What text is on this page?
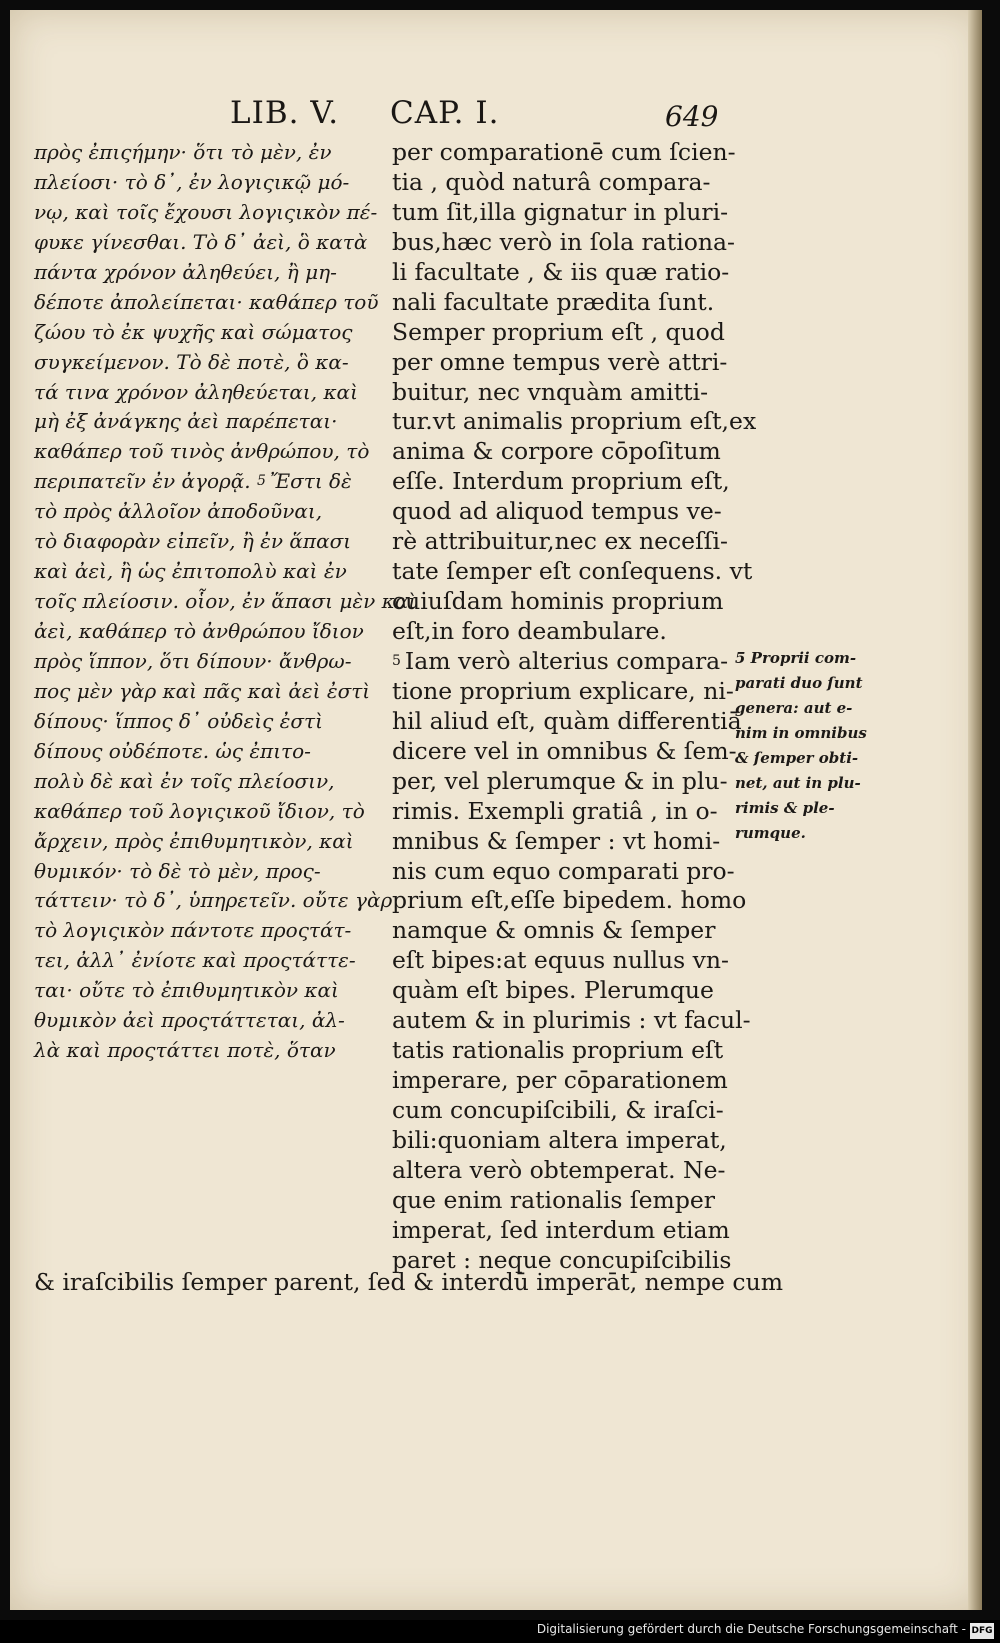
LIB. V. CAP. I.	649
πρὸς ἐπιςήμην· ὅτι τὸ μὲν, ἐν
πλείοσι· τὸ δ᾽, ἐν λογιςικῷ μό-
νῳ, καὶ τοῖς ἔχουσι λογιςικὸν πέ-
φυκε γίνεσθαι. Τὸ δ᾽ ἀεὶ, ὃ κατὰ
πάντα χρόνον ἀληθεύει, ἢ μη-
δέποτε ἀπολείπεται· καθάπερ τοῦ
ζώου τὸ ἐκ ψυχῆς καὶ σώματος
συγκείμενον. Τὸ δὲ ποτὲ, ὃ κα-
τά τινα χρόνον ἀληθεύεται, καὶ
μὴ ἐξ ἀνάγκης ἀεὶ παρέπεται·
καθάπερ τοῦ τινὸς ἀνθρώπου, τὸ
περιπατεῖν ἐν ἀγορᾷ. 5 Ἔστι δὲ
τὸ πρὸς ἀλλοῖον ἀποδοῦναι,
τὸ διαφορὰν εἰπεῖν, ἢ ἐν ἅπασι
καὶ ἀεὶ, ἢ ὡς ἐπιτοπολὺ καὶ ἐν
τοῖς πλείοσιν. οἷον, ἐν ἅπασι μὲν καὶ
ἀεὶ, καθάπερ τὸ ἀνθρώπου ἴδιον
πρὸς ἵππον, ὅτι δίπουν· ἄνθρω-
πος μὲν γὰρ καὶ πᾶς καὶ ἀεὶ ἐστὶ
δίπους· ἵππος δ᾽ οὐδεὶς ἐστὶ
δίπους οὐδέποτε. ὡς ἐπιτο-
πολὺ δὲ καὶ ἐν τοῖς πλείοσιν,
καθάπερ τοῦ λογιςικοῦ ἴδιον, τὸ
ἄρχειν, πρὸς ἐπιθυμητικὸν, καὶ
θυμικόν· τὸ δὲ τὸ μὲν, προς-
τάττειν· τὸ δ᾽, ὑπηρετεῖν. οὔτε γὰρ
τὸ λογιςικὸν πάντοτε προςτάτ-
τει, ἀλλ᾽ ἐνίοτε καὶ προςτάττε-
ται· οὔτε τὸ ἐπιθυμητικὸν καὶ
θυμικὸν ἀεὶ προςτάττεται, ἀλ-
λὰ καὶ προςτάττει ποτὲ, ὅταν
per comparationē cum ſcien-
tia , quòd naturâ compara-
tum ſit,illa gignatur in pluri-
bus,hæc verò in ſola rationa-
li facultate , & iis quæ ratio-
nali facultate prædita ſunt.
Semper proprium eſt , quod
per omne tempus verè attri-
buitur, nec vnquàm amitti-
tur.vt animalis proprium eſt,ex
anima & corpore cōpoſitum
eſſe. Interdum proprium eſt,
quod ad aliquod tempus ve-
rè attribuitur,nec ex neceſſi-
tate ſemper eſt conſequens. vt
cuiuſdam hominis proprium
eſt,in foro deambulare.
5 Iam verò alterius compara-
tione proprium explicare, ni-
hil aliud eſt, quàm differentiā
dicere vel in omnibus & ſem-
per, vel plerumque & in plu-
rimis. Exempli gratiâ , in o-
mnibus & ſemper : vt homi-
nis cum equo comparati pro-
prium eſt,eſſe bipedem. homo
namque & omnis & ſemper
eſt bipes:at equus nullus vn-
quàm eſt bipes. Plerumque
autem & in plurimis : vt facul-
tatis rationalis proprium eſt
imperare, per cōparationem
cum concupiſcibili, & iraſci-
bili:quoniam altera imperat,
altera verò obtemperat. Ne-
que enim rationalis ſemper
imperat, ſed interdum etiam
paret : neque concupiſcibilis
5 Proprii com-
parati duo ſunt
genera: aut e-
nim in omnibus
& ſemper obti-
net, aut in plu-
rimis & ple-
rumque.
& iraſcibilis ſemper parent, ſed & interdū imperāt, nempe cum
Digitalisierung gefördert durch die Deutsche Forschungsgemeinschaft - DFG
